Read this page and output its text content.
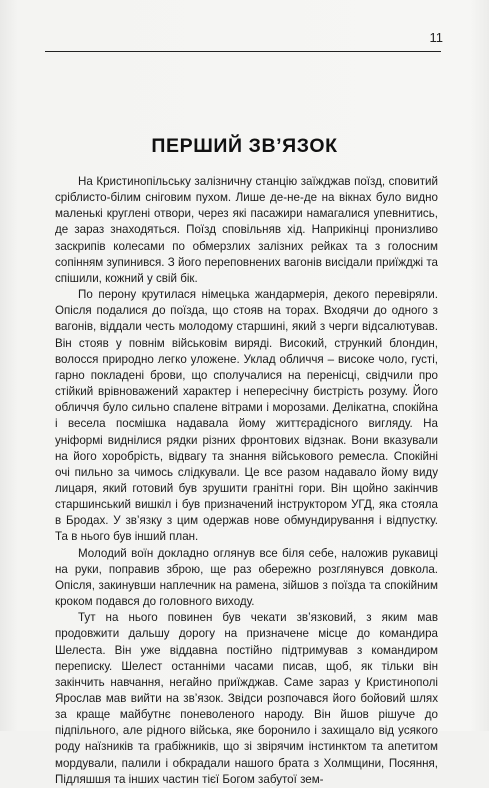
11
ПЕРШИЙ ЗВ’ЯЗОК

На Кристинопільську залізничну станцію заїжджав поїзд, сповитий сріблисто-білим сніговим пухом. Лише де-не-де на вікнах було видно маленькі круглені отвори, через які пасажири намагалися упевнитись, де зараз знаходяться. Поїзд сповільняв хід. Наприкінці пронизливо заскрипів колесами по обмерзлих залізних рейках та з голосним сопінням зупинився. З його переповнених вагонів висідали приїжджі та спішили, кожний у свій бік.

По перону крутилася німецька жандармерія, декого перевіряли. Опісля подалися до поїзда, що стояв на торах. Входячи до одного з вагонів, віддали честь молодому старшині, який з черги відсалютував. Він стояв у повнім військовім виряді. Високий, стрункий блондин, волосся природно легко уложене. Уклад обличчя – високе чоло, густі, гарно покладені брови, що сполучалися на перенісці, свідчили про стійкий врівноважений характер і непересічну бистрість розуму. Його обличчя було сильно спалене вітрами і морозами. Делікатна, спокійна і весела посмішка надавала йому життєрадісного вигляду. На уніформі виднілися рядки різних фронтових відзнак. Вони вказували на його хоробрість, відвагу та знання військового ремесла. Спокійні очі пильно за чимось слідкували. Це все разом надавало йому виду лицаря, який готовий був зрушити гранітні гори. Він щойно закінчив старшинський вишкіл і був призначений інструктором УГД, яка стояла в Бродах. У зв’язку з цим одержав нове обмундирування і відпустку. Та в нього був інший план.

Молодий воїн докладно оглянув все біля себе, наложив рукавиці на руки, поправив зброю, ще раз обережно розглянувся довкола. Опісля, закинувши наплечник на рамена, зійшов з поїзда та спокійним кроком подався до головного виходу.

Тут на нього повинен був чекати зв’язковий, з яким мав продовжити дальшу дорогу на призначене місце до командира Шелеста. Він уже віддавна постійно підтримував з командиром переписку. Шелест останніми часами писав, щоб, як тільки він закінчить навчання, негайно приїжджав. Саме зараз у Кристинополі Ярослав мав вийти на зв’язок. Звідси розпочався його бойовий шлях за краще майбутнє поневоленого народу. Він йшов рішуче до підпільного, але рідного війська, яке боронило і захищало від усякого роду наїзників та грабіжників, що зі звірячим інстинктом та апетитом мордували, палили і обкрадали нашого брата з Холмщини, Посяння, Підляшшя та інших частин тієї Богом забутої зем-
